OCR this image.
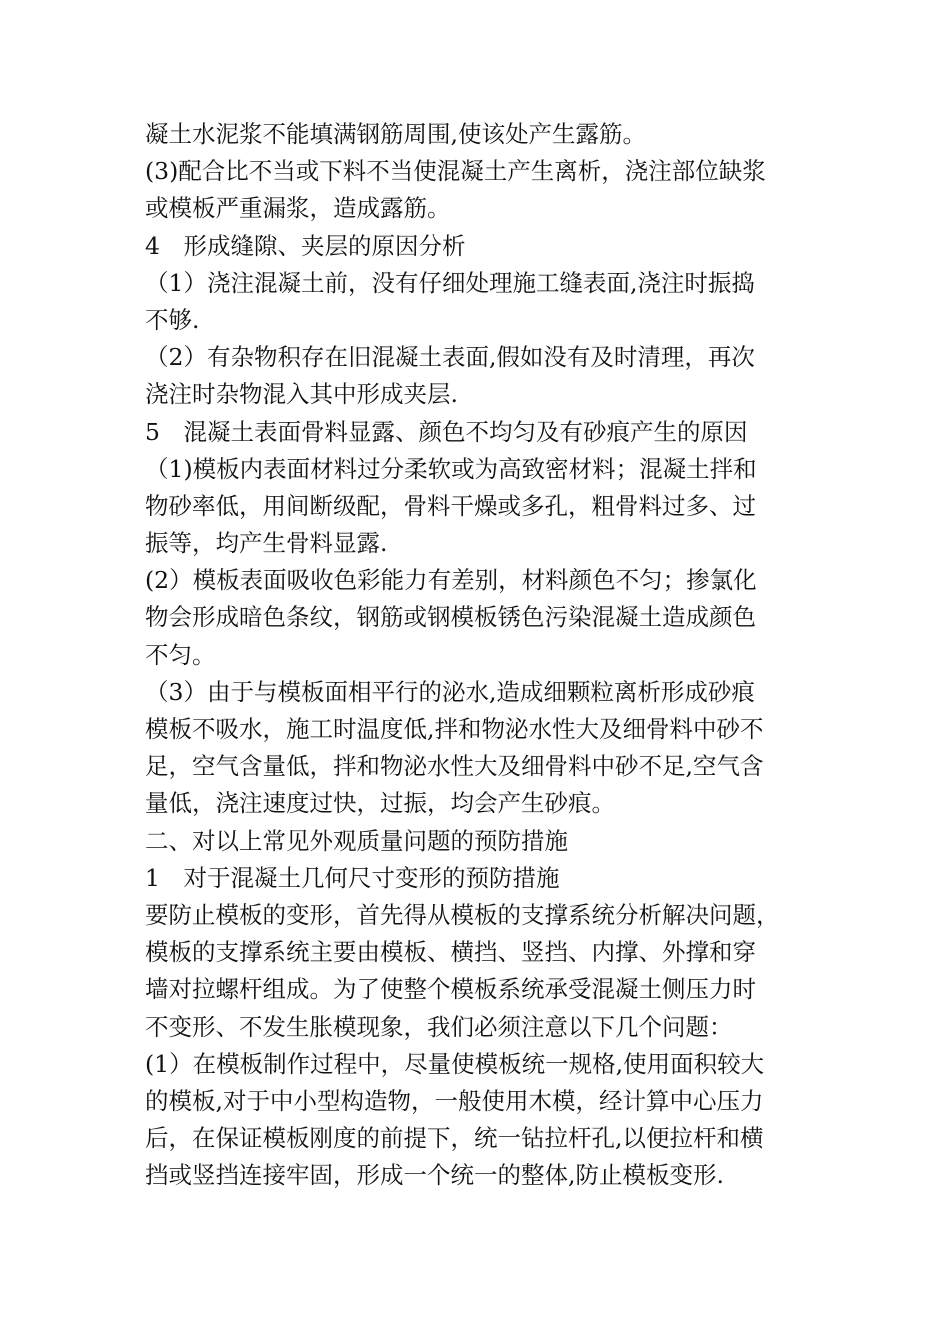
凝土水泥浆不能填满钢筋周围,使该处产生露筋。
(3)配合比不当或下料不当使混凝土产生离析，浇注部位缺浆
或模板严重漏浆，造成露筋。
4　形成缝隙、夹层的原因分析
（1）浇注混凝土前，没有仔细处理施工缝表面,浇注时振捣
不够.
（2）有杂物积存在旧混凝土表面,假如没有及时清理，再次
浇注时杂物混入其中形成夹层.
5　混凝土表面骨料显露、颜色不均匀及有砂痕产生的原因
（1)模板内表面材料过分柔软或为高致密材料；混凝土拌和
物砂率低，用间断级配，骨料干燥或多孔，粗骨料过多、过
振等，均产生骨料显露.
(2）模板表面吸收色彩能力有差别，材料颜色不匀；掺氯化
物会形成暗色条纹，钢筋或钢模板锈色污染混凝土造成颜色
不匀。
（3）由于与模板面相平行的泌水,造成细颗粒离析形成砂痕
模板不吸水，施工时温度低,拌和物泌水性大及细骨料中砂不
足，空气含量低，拌和物泌水性大及细骨料中砂不足,空气含
量低，浇注速度过快，过振，均会产生砂痕。
二、对以上常见外观质量问题的预防措施
1　对于混凝土几何尺寸变形的预防措施
要防止模板的变形，首先得从模板的支撑系统分析解决问题，
模板的支撑系统主要由模板、横挡、竖挡、内撑、外撑和穿
墙对拉螺杆组成。为了使整个模板系统承受混凝土侧压力时
不变形、不发生胀模现象，我们必须注意以下几个问题：
(1）在模板制作过程中，尽量使模板统一规格,使用面积较大
的模板,对于中小型构造物，一般使用木模，经计算中心压力
后，在保证模板刚度的前提下，统一钻拉杆孔,以便拉杆和横
挡或竖挡连接牢固，形成一个统一的整体,防止模板变形.
